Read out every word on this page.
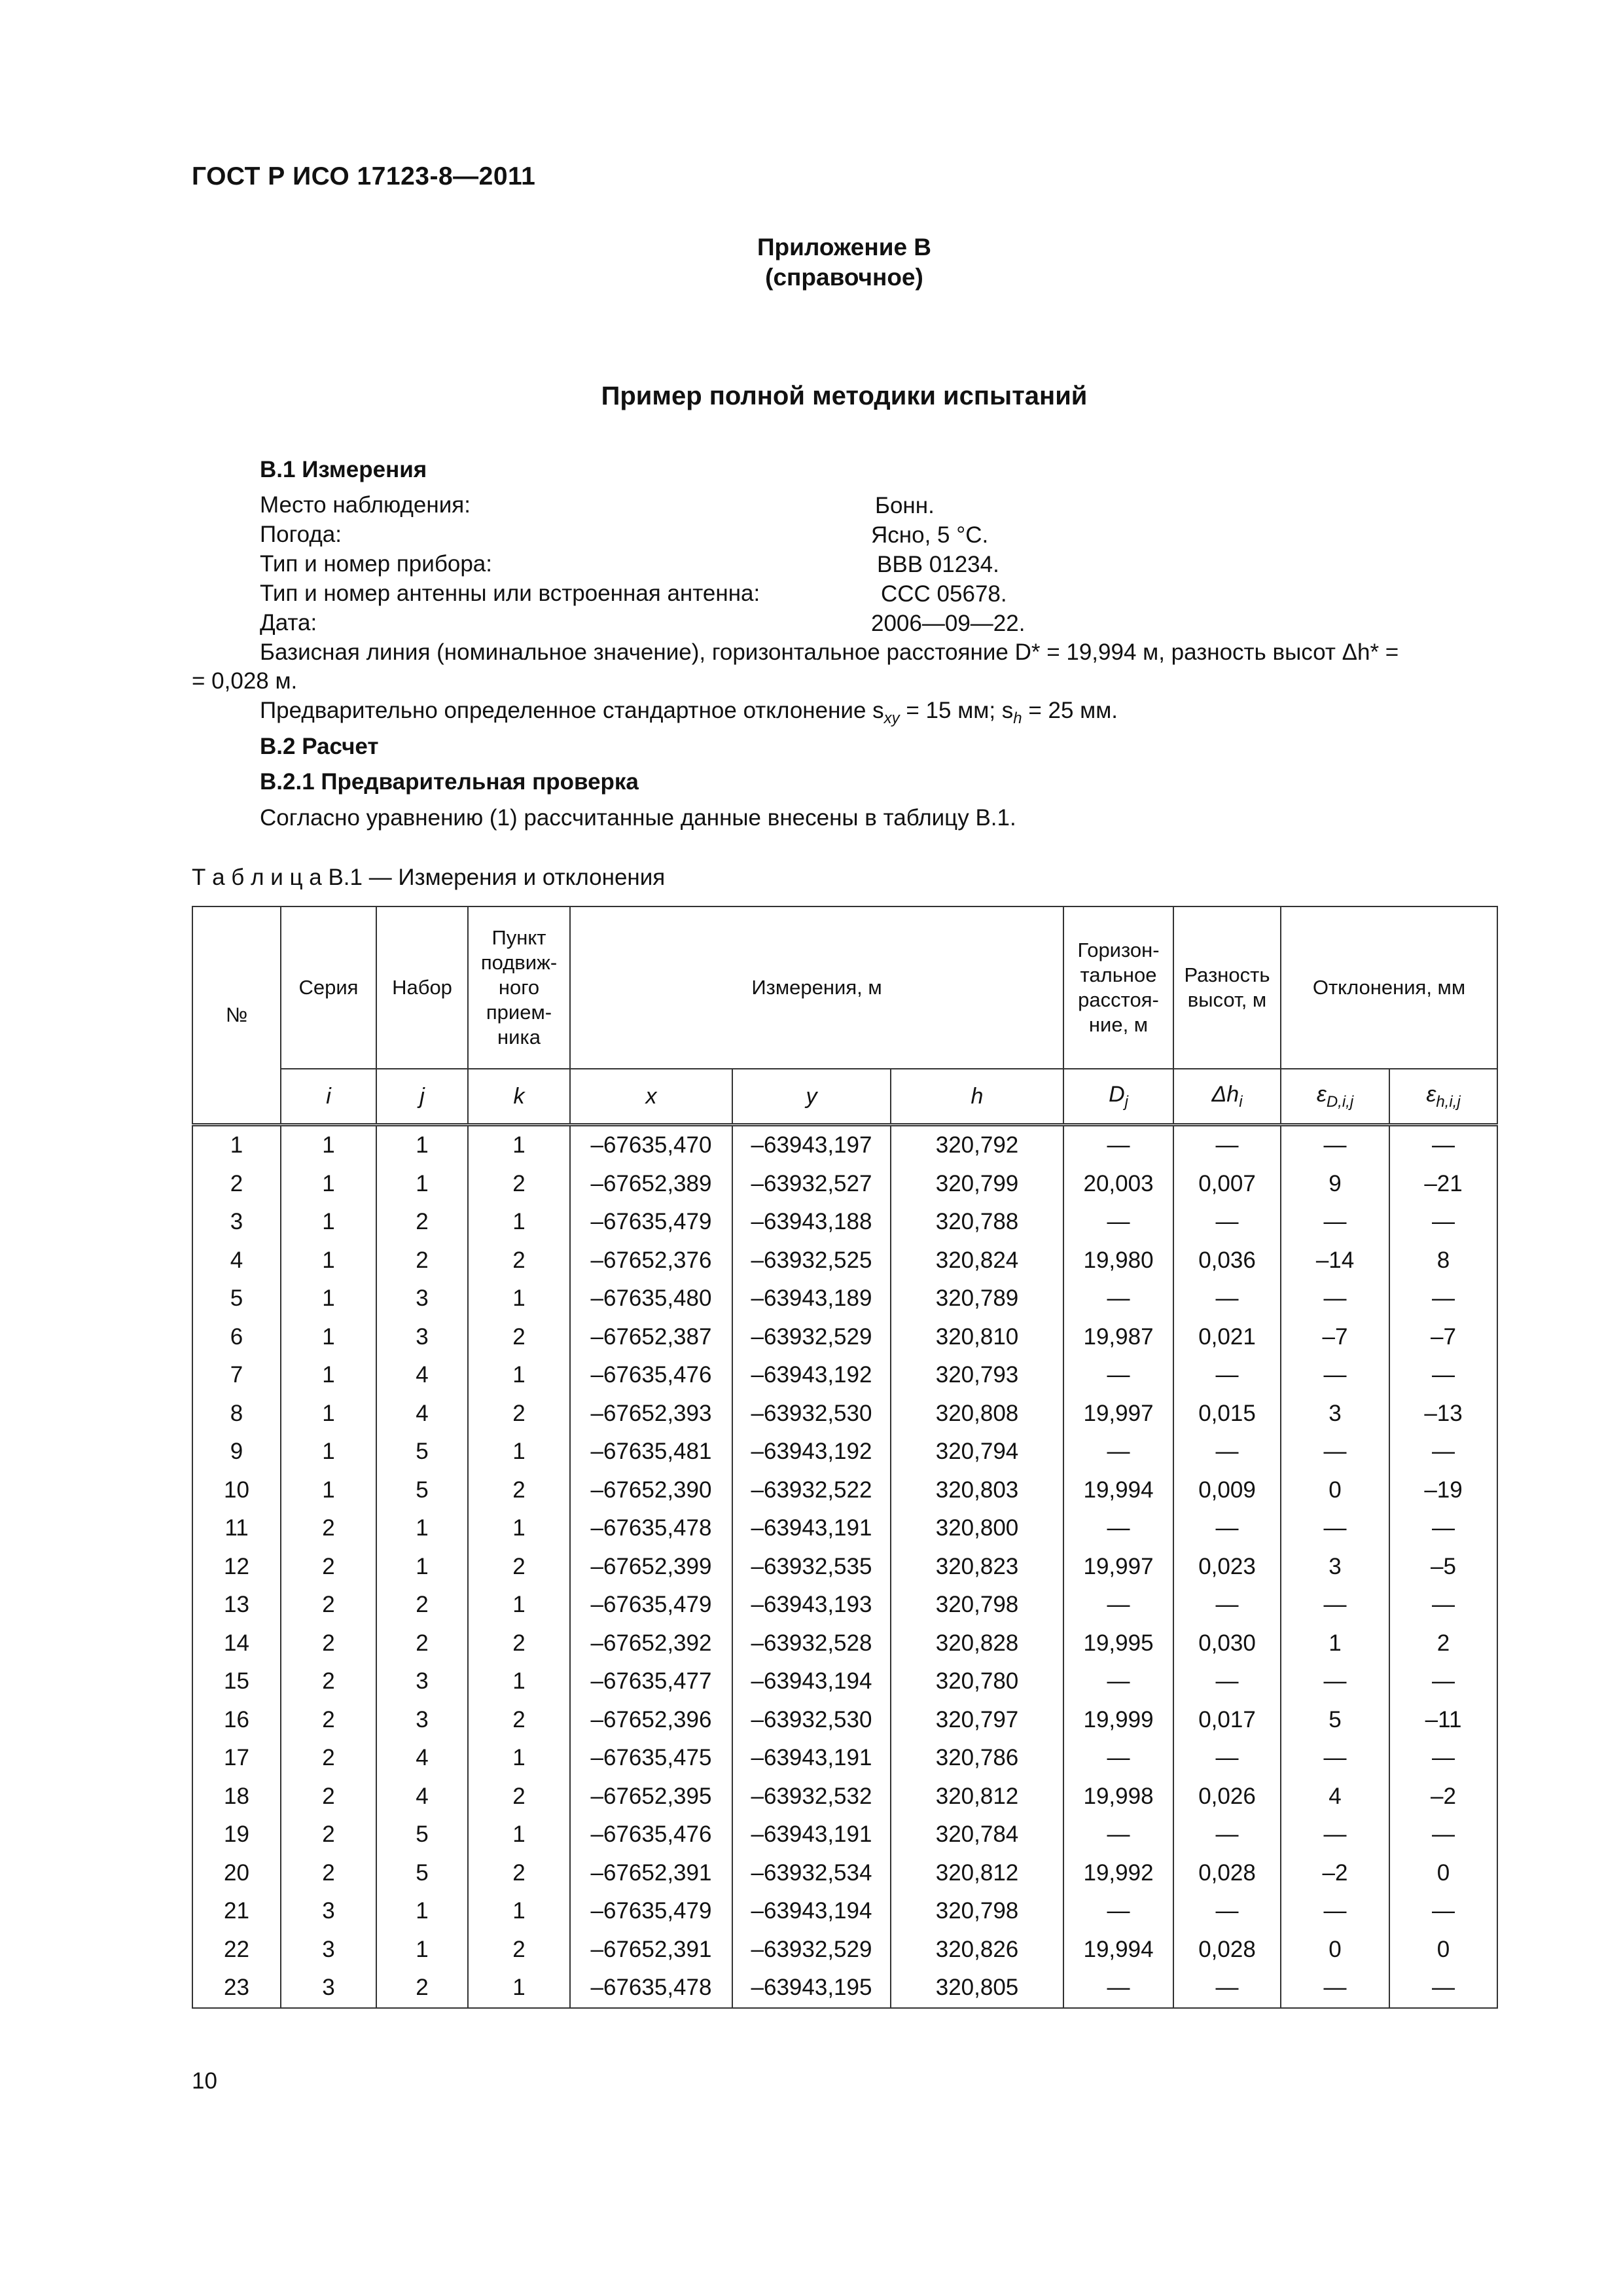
ГОСТ Р ИСО 17123-8—2011
Приложение В
(справочное)
Пример полной методики испытаний
В.1 Измерения
Место наблюдения:	Бонн.
Погода:	Ясно, 5 °С.
Тип и номер прибора:	ВВВ 01234.
Тип и номер антенны или встроенная антенна:	ССС 05678.
Дата:	2006—09—22.
Базисная линия (номинальное значение), горизонтальное расстояние D* = 19,994 м, разность высот Δh* =
= 0,028 м.
Предварительно определенное стандартное отклонение $s_{xy} = 15$ мм; $s_h = 25$ мм.
В.2 Расчет
В.2.1 Предварительная проверка
Согласно уравнению (1) рассчитанные данные внесены в таблицу В.1.
Т а б л и ц а В.1 — Измерения и отклонения
№	Серия	Набор	Пункт подвиж-ного прием-ника	Измерения, м			Горизон-тальное расстоя-ние, м	Разность высот, м	Отклонения, мм	
	i	j	k	x	y	h	$D_j$	$\Delta h_i$	$\varepsilon_{D,i,j}$	$\varepsilon_{h,i,j}$
1	1	1	1	–67635,470	–63943,197	320,792	—	—	—	—
2	1	1	2	–67652,389	–63932,527	320,799	20,003	0,007	9	–21
3	1	2	1	–67635,479	–63943,188	320,788	—	—	—	—
4	1	2	2	–67652,376	–63932,525	320,824	19,980	0,036	–14	8
5	1	3	1	–67635,480	–63943,189	320,789	—	—	—	—
6	1	3	2	–67652,387	–63932,529	320,810	19,987	0,021	–7	–7
7	1	4	1	–67635,476	–63943,192	320,793	—	—	—	—
8	1	4	2	–67652,393	–63932,530	320,808	19,997	0,015	3	–13
9	1	5	1	–67635,481	–63943,192	320,794	—	—	—	—
10	1	5	2	–67652,390	–63932,522	320,803	19,994	0,009	0	–19
11	2	1	1	–67635,478	–63943,191	320,800	—	—	—	—
12	2	1	2	–67652,399	–63932,535	320,823	19,997	0,023	3	–5
13	2	2	1	–67635,479	–63943,193	320,798	—	—	—	—
14	2	2	2	–67652,392	–63932,528	320,828	19,995	0,030	1	2
15	2	3	1	–67635,477	–63943,194	320,780	—	—	—	—
16	2	3	2	–67652,396	–63932,530	320,797	19,999	0,017	5	–11
17	2	4	1	–67635,475	–63943,191	320,786	—	—	—	—
18	2	4	2	–67652,395	–63932,532	320,812	19,998	0,026	4	–2
19	2	5	1	–67635,476	–63943,191	320,784	—	—	—	—
20	2	5	2	–67652,391	–63932,534	320,812	19,992	0,028	–2	0
21	3	1	1	–67635,479	–63943,194	320,798	—	—	—	—
22	3	1	2	–67652,391	–63932,529	320,826	19,994	0,028	0	0
23	3	2	1	–67635,478	–63943,195	320,805	—	—	—	—
10
